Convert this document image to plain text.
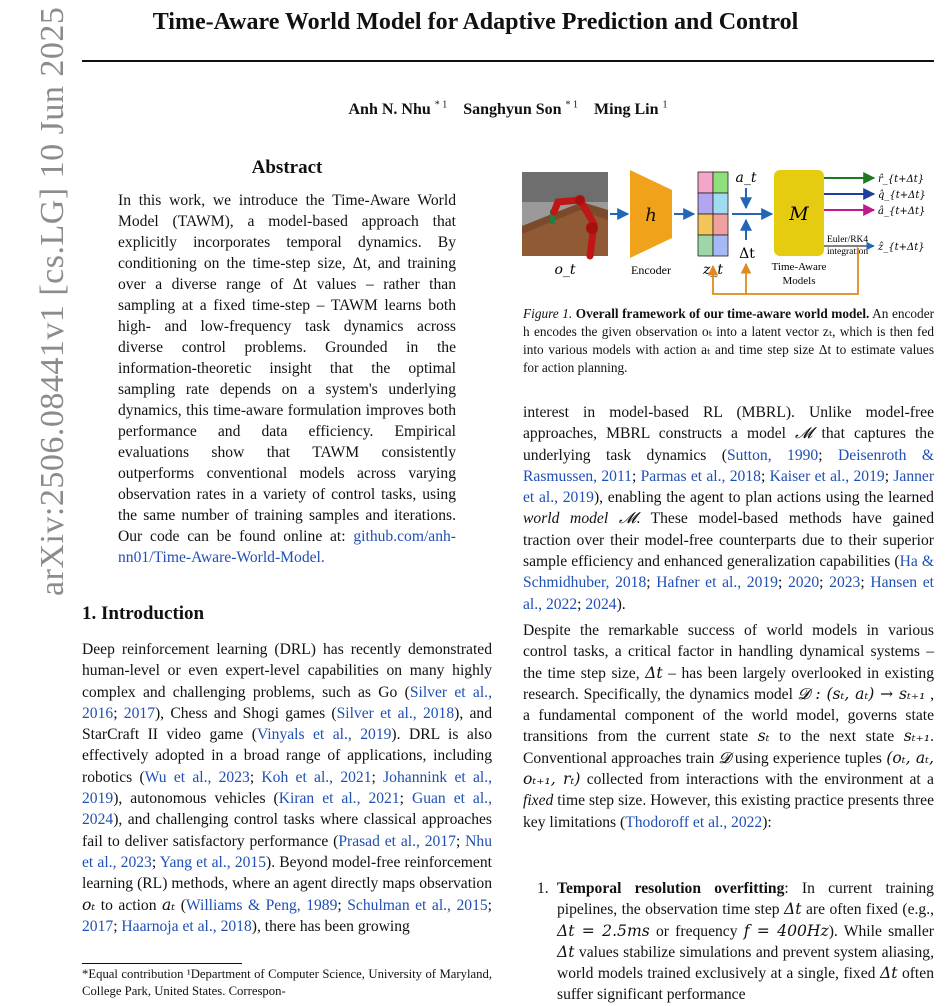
Time-Aware World Model for Adaptive Prediction and Control
Anh N. Nhu $^{* 1}$  Sanghyun Son $^{* 1}$  Ming Lin $^1$
arXiv:2506.08441v1 [cs.LG] 10 Jun 2025	Abstract
In this work, we introduce the Time-Aware World Model (TAWM), a model-based approach that explicitly incorporates temporal dynamics. By conditioning on the time-step size, Δt, and training over a diverse range of Δt values – rather than sampling at a fixed time-step – TAWM learns both high- and low-frequency task dynamics across diverse control problems. Grounded in the information-theoretic insight that the optimal sampling rate depends on a system's underlying dynamics, this time-aware formulation improves both performance and data efficiency. Empirical evaluations show that TAWM consistently outperforms conventional models across varying observation rates in a variety of control tasks, using the same number of training samples and iterations. Our code can be found online at: github.com/anh-nn01/Time-Aware-World-Model.
1. Introduction
Deep reinforcement learning (DRL) has recently demonstrated human-level or even expert-level capabilities on many highly complex and challenging problems, such as Go (Silver et al., 2016; 2017), Chess and Shogi games (Silver et al., 2018), and StarCraft II video game (Vinyals et al., 2019). DRL is also effectively adopted in a broad range of applications, including robotics (Wu et al., 2023; Koh et al., 2021; Johannink et al., 2019), autonomous vehicles (Kiran et al., 2021; Guan et al., 2024), and challenging control tasks where classical approaches fail to deliver satisfactory performance (Prasad et al., 2017; Nhu et al., 2023; Yang et al., 2015). Beyond model-free reinforcement learning (RL) methods, where an agent directly maps observation oₜ to action aₜ (Williams & Peng, 1989; Schulman et al., 2015; 2017; Haarnoja et al., 2018), there has been growing
*Equal contribution ¹Department of Computer Science, University of Maryland, College Park, United States. Correspon-
o_t
h
Encoder z_t
a_t
Δt
M
Time-Aware
Models
r̂_{t+Δt}
q̂_{t+Δt}
â_{t+Δt}
Euler/RK4
integration ẑ_{t+Δt}
Figure 1. Overall framework of our time-aware world model. An encoder h encodes the given observation oₜ into a latent vector zₜ, which is then fed into various models with action aₜ and time step size Δt to estimate values for action planning.
interest in model-based RL (MBRL). Unlike model-free approaches, MBRL constructs a model 𝓜 that captures the underlying task dynamics (Sutton, 1990; Deisenroth & Rasmussen, 2011; Parmas et al., 2018; Kaiser et al., 2019; Janner et al., 2019), enabling the agent to plan actions using the learned world model 𝓜. These model-based methods have gained traction over their model-free counterparts due to their superior sample efficiency and enhanced generalization capabilities (Ha & Schmidhuber, 2018; Hafner et al., 2019; 2020; 2023; Hansen et al., 2022; 2024).
Despite the remarkable success of world models in various control tasks, a critical factor in handling dynamical systems – the time step size, Δt – has been largely overlooked in existing research. Specifically, the dynamics model 𝓓 : (sₜ, aₜ) → sₜ₊₁ , a fundamental component of the world model, governs state transitions from the current state sₜ to the next state sₜ₊₁. Conventional approaches train 𝓓 using experience tuples (oₜ, aₜ, oₜ₊₁, rₜ) collected from interactions with the environment at a fixed time step size. However, this existing practice presents three key limitations (Thodoroff et al., 2022):
1. Temporal resolution overfitting: In current training pipelines, the observation time step Δt are often fixed (e.g., Δt = 2.5ms or frequency f = 400Hz). While smaller Δt values stabilize simulations and prevent system aliasing, world models trained exclusively at a single, fixed Δt often suffer significant performance
